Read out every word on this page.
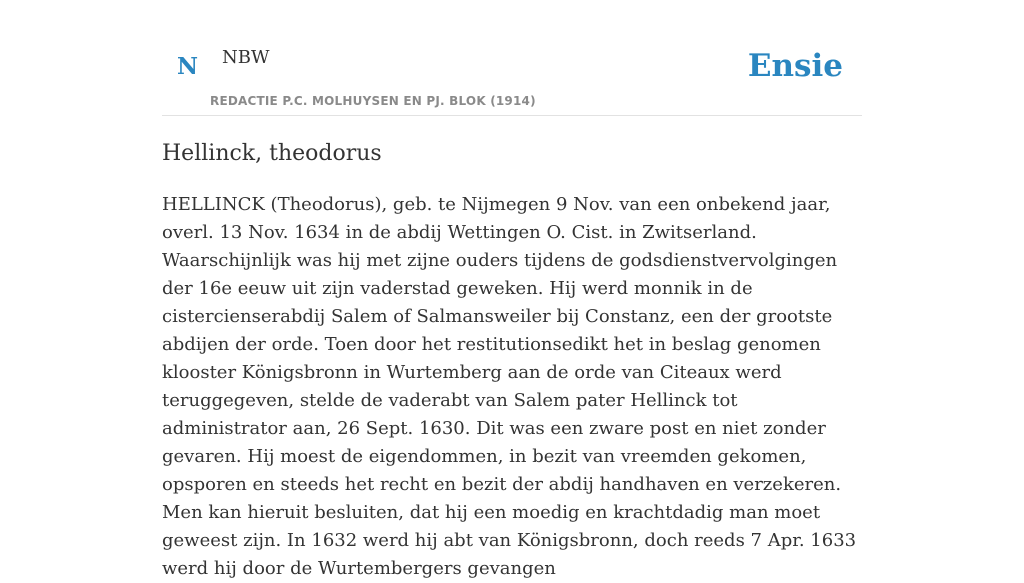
N NBW
REDACTIE P.C. MOLHUYSEN EN PJ. BLOK (1914)
Ensie
Hellinck, theodorus

HELLINCK (Theodorus), geb. te Nijmegen 9 Nov. van een onbekend jaar, overl. 13 Nov. 1634 in de abdij Wettingen O. Cist. in Zwitserland. Waarschijnlijk was hij met zijne ouders tijdens de godsdienstvervolgingen der 16e eeuw uit zijn vaderstad geweken. Hij werd monnik in de cistercienserabdij Salem of Salmansweiler bij Constanz, een der grootste abdijen der orde. Toen door het restitutionsedikt het in beslag genomen klooster Königsbronn in Wurtemberg aan de orde van Citeaux werd teruggegeven, stelde de vaderabt van Salem pater Hellinck tot administrator aan, 26 Sept. 1630. Dit was een zware post en niet zonder gevaren. Hij moest de eigendommen, in bezit van vreemden gekomen, opsporen en steeds het recht en bezit der abdij handhaven en verzekeren. Men kan hieruit besluiten, dat hij een moedig en krachtdadig man moet geweest zijn. In 1632 werd hij abt van Königsbronn, doch reeds 7 Apr. 1633 werd hij door de Wurtembergers gevangen
